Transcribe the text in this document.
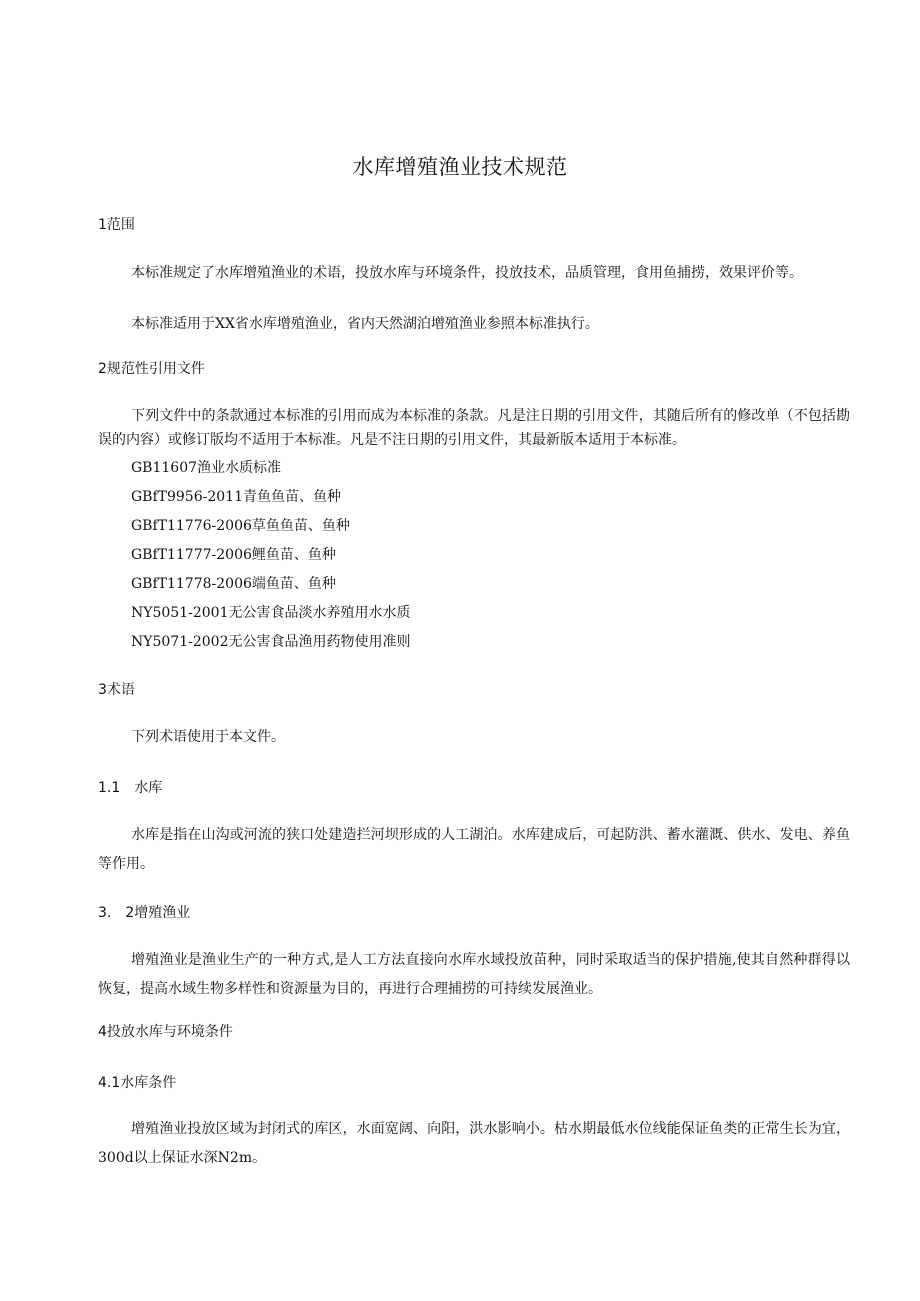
水库增殖渔业技术规范
1范围
本标准规定了水库增殖渔业的术语，投放水库与环境条件，投放技术，品质管理，食用鱼捕捞，效果评价等。
本标准适用于XX省水库增殖渔业，省内天然湖泊增殖渔业参照本标准执行。
2规范性引用文件
下列文件中的条款通过本标准的引用而成为本标准的条款。凡是注日期的引用文件，其随后所有的修改单（不包括勘误的内容）或修订版均不适用于本标准。凡是不注日期的引用文件，其最新版本适用于本标准。
GB11607渔业水质标准
GBfT9956-2011青鱼鱼苗、鱼种
GBfT11776-2006草鱼鱼苗、鱼种
GBfT11777-2006鲤鱼苗、鱼种
GBfT11778-2006端鱼苗、鱼种
NY5051-2001无公害食品淡水养殖用水水质
NY5071-2002无公害食品渔用药物使用准则
3术语
下列术语使用于本文件。
1.1　水库
水库是指在山沟或河流的狭口处建造拦河坝形成的人工湖泊。水库建成后，可起防洪、蓄水灌溉、供水、发电、养鱼等作用。
3.　2增殖渔业
增殖渔业是渔业生产的一种方式,是人工方法直接向水库水域投放苗种，同时采取适当的保护措施,使其自然种群得以恢复，提高水域生物多样性和资源量为目的，再进行合理捕捞的可持续发展渔业。
4投放水库与环境条件
4.1水库条件
增殖渔业投放区域为封闭式的库区，水面宽阔、向阳，洪水影响小。枯水期最低水位线能保证鱼类的正常生长为宜，300d以上保证水深N2m。
